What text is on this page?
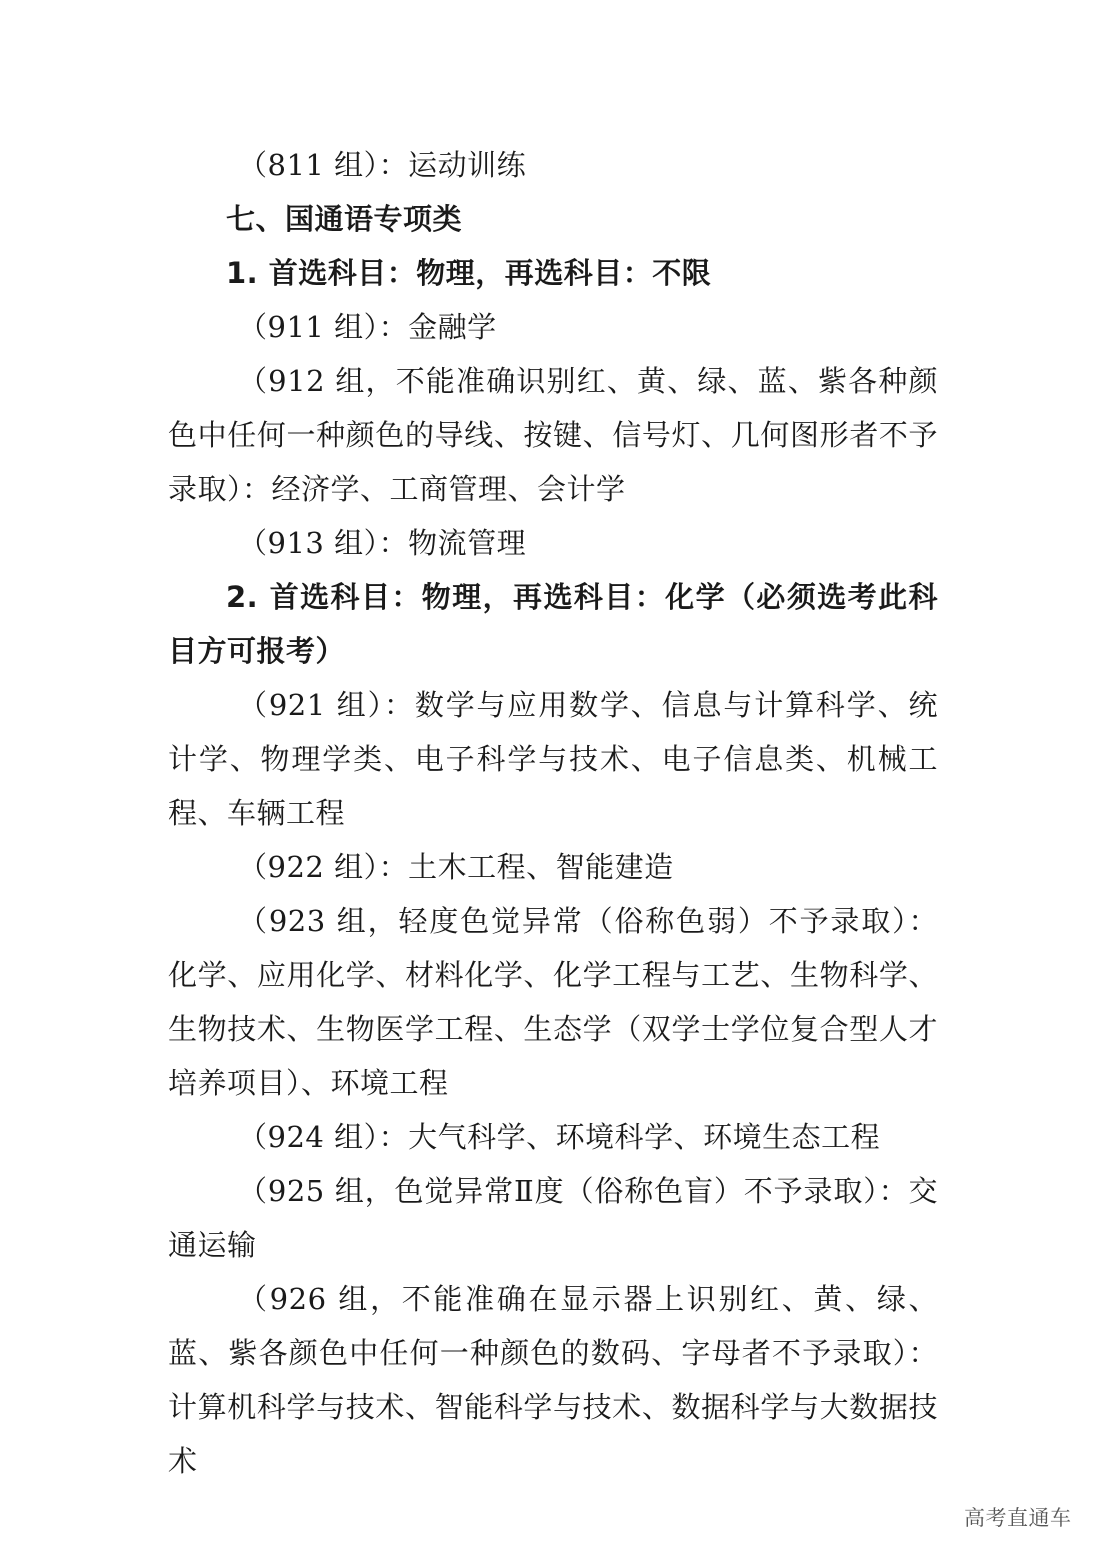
（811 组）：运动训练

七、国通语专项类

1. 首选科目：物理，再选科目：不限

（911 组）：金融学

（912 组，不能准确识别红、黄、绿、蓝、紫各种颜色中任何一种颜色的导线、按键、信号灯、几何图形者不予录取）：经济学、工商管理、会计学

（913 组）：物流管理

2. 首选科目：物理，再选科目：化学（必须选考此科目方可报考）

（921 组）：数学与应用数学、信息与计算科学、统计学、物理学类、电子科学与技术、电子信息类、机械工程、车辆工程

（922 组）：土木工程、智能建造

（923 组，轻度色觉异常（俗称色弱）不予录取）：化学、应用化学、材料化学、化学工程与工艺、生物科学、生物技术、生物医学工程、生态学（双学士学位复合型人才培养项目）、环境工程

（924 组）：大气科学、环境科学、环境生态工程

（925 组，色觉异常Ⅱ度（俗称色盲）不予录取）：交通运输

（926 组，不能准确在显示器上识别红、黄、绿、蓝、紫各颜色中任何一种颜色的数码、字母者不予录取）：计算机科学与技术、智能科学与技术、数据科学与大数据技术

高考直通车
